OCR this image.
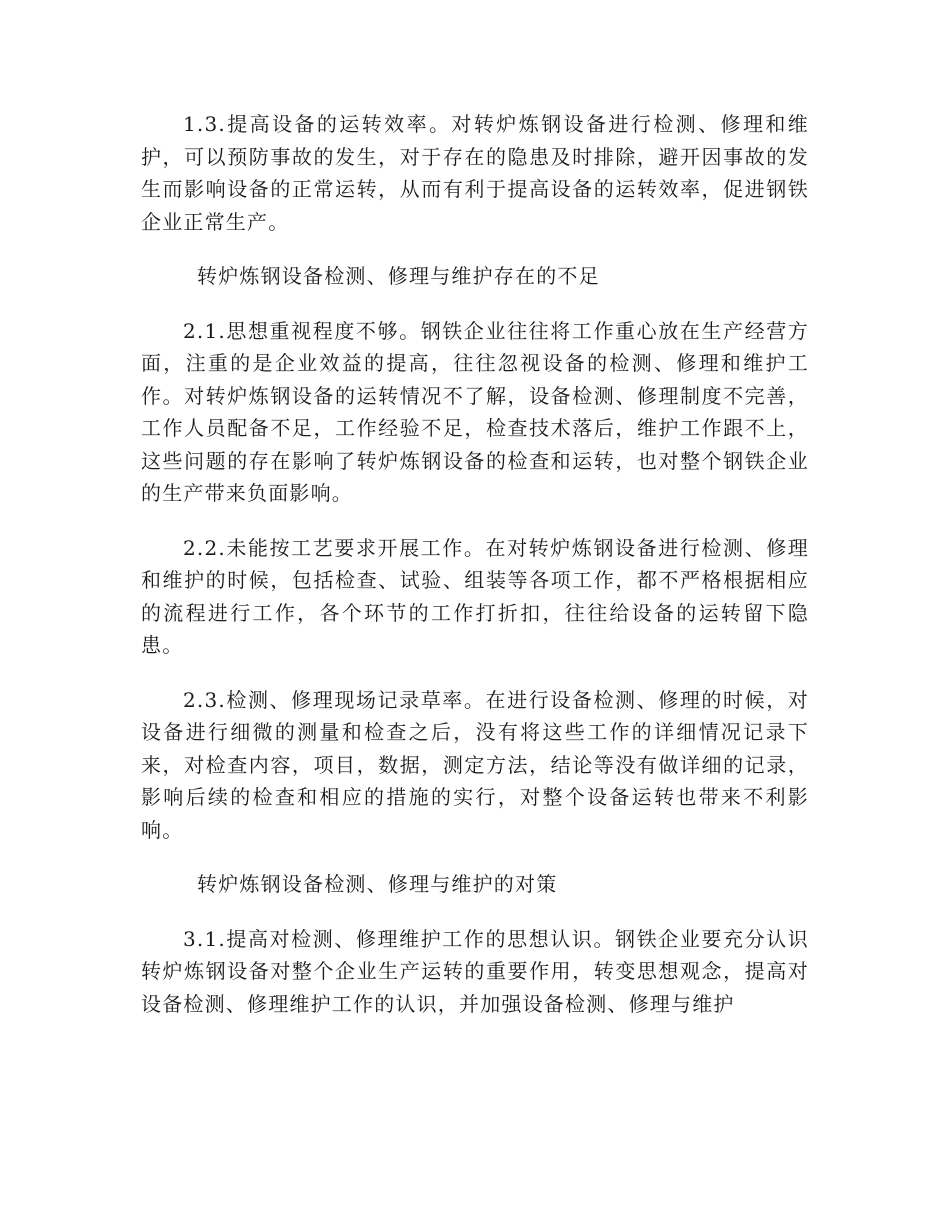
1.3.提高设备的运转效率。对转炉炼钢设备进行检测、修理和维护，可以预防事故的发生，对于存在的隐患及时排除，避开因事故的发生而影响设备的正常运转，从而有利于提高设备的运转效率，促进钢铁企业正常生产。

转炉炼钢设备检测、修理与维护存在的不足

2.1.思想重视程度不够。钢铁企业往往将工作重心放在生产经营方面，注重的是企业效益的提高，往往忽视设备的检测、修理和维护工作。对转炉炼钢设备的运转情况不了解，设备检测、修理制度不完善，工作人员配备不足，工作经验不足，检查技术落后，维护工作跟不上，这些问题的存在影响了转炉炼钢设备的检查和运转，也对整个钢铁企业的生产带来负面影响。

2.2.未能按工艺要求开展工作。在对转炉炼钢设备进行检测、修理和维护的时候，包括检查、试验、组装等各项工作，都不严格根据相应的流程进行工作，各个环节的工作打折扣，往往给设备的运转留下隐患。

2.3.检测、修理现场记录草率。在进行设备检测、修理的时候，对设备进行细微的测量和检查之后，没有将这些工作的详细情况记录下来，对检查内容，项目，数据，测定方法，结论等没有做详细的记录，影响后续的检查和相应的措施的实行，对整个设备运转也带来不利影响。

转炉炼钢设备检测、修理与维护的对策

3.1.提高对检测、修理维护工作的思想认识。钢铁企业要充分认识转炉炼钢设备对整个企业生产运转的重要作用，转变思想观念，提高对设备检测、修理维护工作的认识，并加强设备检测、修理与维护
